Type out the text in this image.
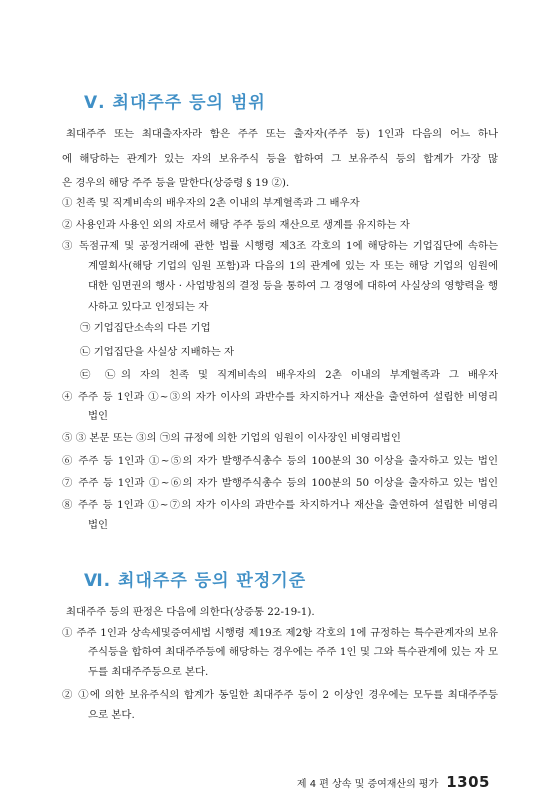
Ⅴ. 최대주주 등의 범위
최대주주 또는 최대출자자라 함은 주주 또는 출자자(주주 등) 1인과 다음의 어느 하나
에 해당하는 관계가 있는 자의 보유주식 등을 합하여 그 보유주식 등의 합계가 가장 많
은 경우의 해당 주주 등을 말한다(상증령 § 19 ②).
① 친족 및 직계비속의 배우자의 2촌 이내의 부계혈족과 그 배우자
② 사용인과 사용인 외의 자로서 해당 주주 등의 재산으로 생계를 유지하는 자
③ 독점규제 및 공정거래에 관한 법률 시행령 제3조 각호의 1에 해당하는 기업집단에 속하는
계열회사(해당 기업의 임원 포함)과 다음의 1의 관계에 있는 자 또는 해당 기업의 임원에
대한 임면권의 행사 · 사업방침의 결정 등을 통하여 그 경영에 대하여 사실상의 영향력을 행
사하고 있다고 인정되는 자
㉠ 기업집단소속의 다른 기업
㉡ 기업집단을 사실상 지배하는 자
㉢ ㉡의 자의 친족 및 직계비속의 배우자의 2촌 이내의 부계혈족과 그 배우자
④ 주주 등 1인과 ①~③의 자가 이사의 과반수를 차지하거나 재산을 출연하여 설립한 비영리
법인
⑤ ③ 본문 또는 ③의 ㉠의 규정에 의한 기업의 임원이 이사장인 비영리법인
⑥ 주주 등 1인과 ①~⑤의 자가 발행주식총수 등의 100분의 30 이상을 출자하고 있는 법인
⑦ 주주 등 1인과 ①~⑥의 자가 발행주식총수 등의 100분의 50 이상을 출자하고 있는 법인
⑧ 주주 등 1인과 ①~⑦의 자가 이사의 과반수를 차지하거나 재산을 출연하여 설립한 비영리
법인
Ⅵ. 최대주주 등의 판정기준
최대주주 등의 판정은 다음에 의한다(상증통 22-19-1).
① 주주 1인과 상속세및증여세법 시행령 제19조 제2항 각호의 1에 규정하는 특수관계자의 보유
주식등을 합하여 최대주주등에 해당하는 경우에는 주주 1인 및 그와 특수관계에 있는 자 모
두를 최대주주등으로 본다.
② ①에 의한 보유주식의 합계가 동일한 최대주주 등이 2 이상인 경우에는 모두를 최대주주등
으로 본다.
제 4 편 상속 및 증여재산의 평가 1305
